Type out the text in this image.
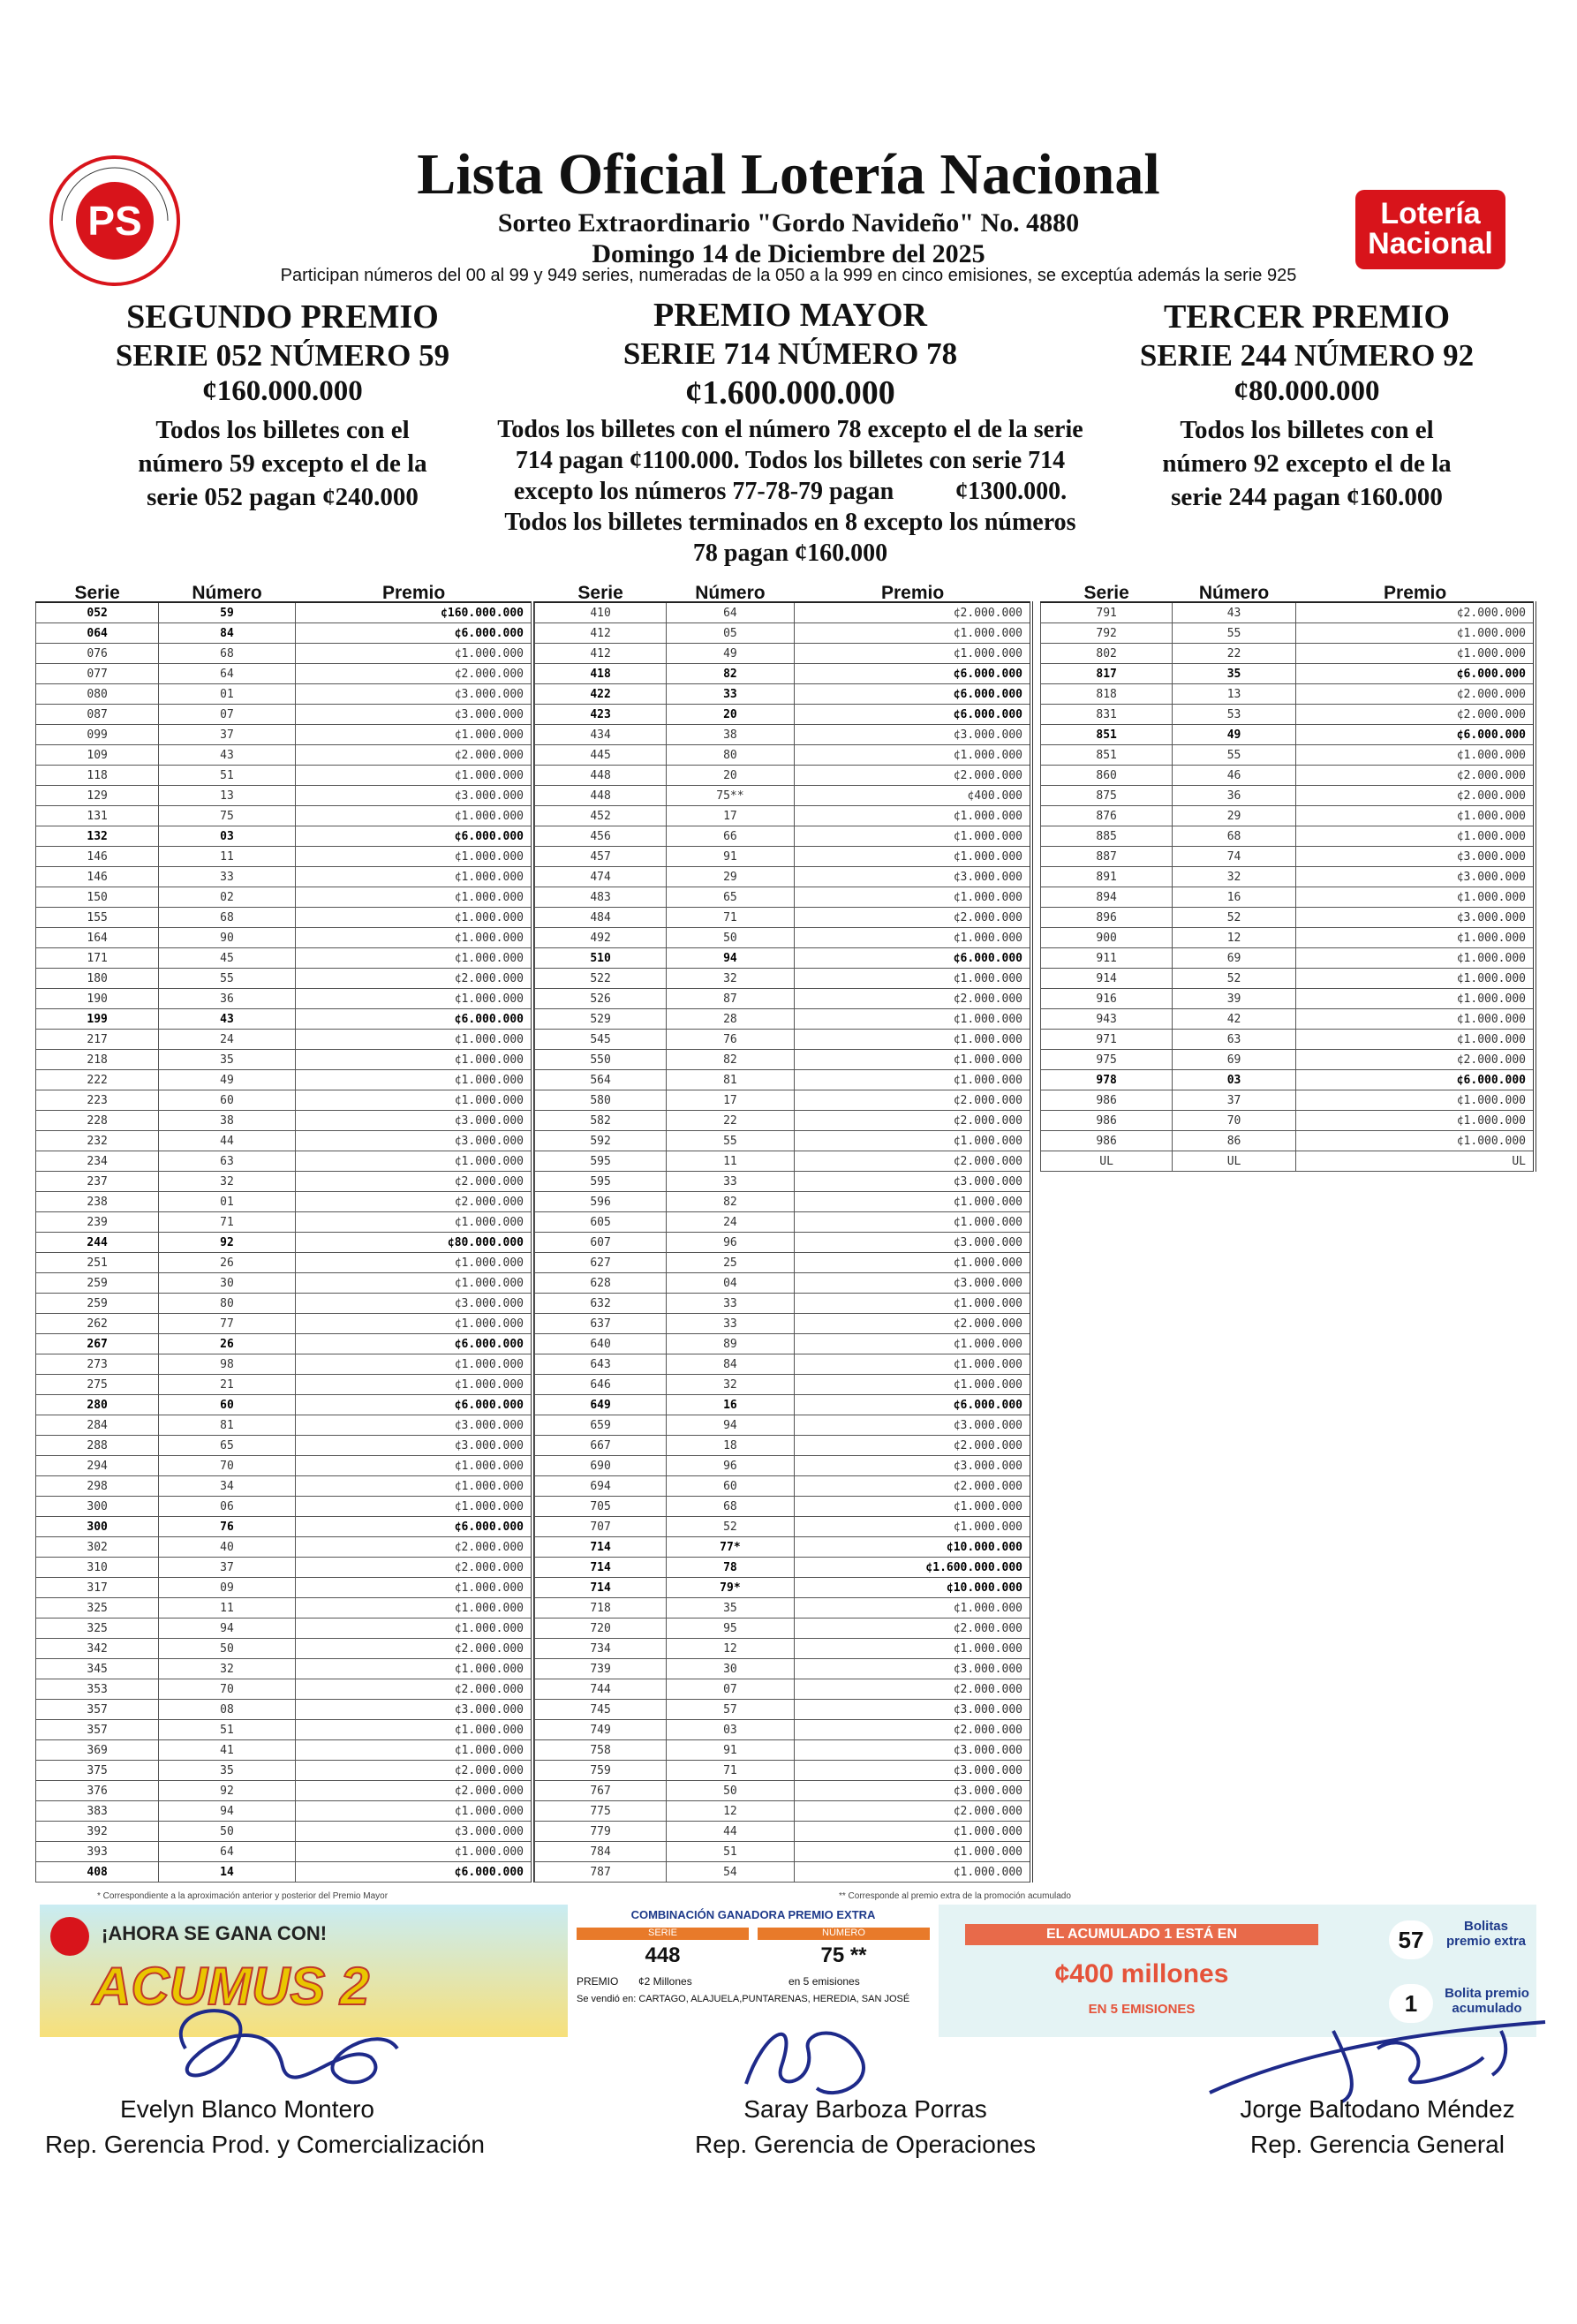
PS
Lista Oficial Lotería Nacional
Sorteo Extraordinario "Gordo Navideño" No. 4880
Domingo 14 de Diciembre del 2025
Participan números del 00 al 99 y 949 series, numeradas de la 050 a la 999 en cinco emisiones, se exceptúa además la serie 925
Lotería
Nacional
SEGUNDO PREMIO
SERIE 052 NÚMERO 59
¢160.000.000
Todos los billetes con el
número 59 excepto el de la
serie 052 pagan ¢240.000
PREMIO MAYOR
SERIE 714 NÚMERO 78
¢1.600.000.000
Todos los billetes con el número 78 excepto el de la serie
714 pagan ¢1100.000. Todos los billetes con serie 714
excepto los números 77-78-79 pagan          ¢1300.000.
Todos los billetes terminados en 8 excepto los números
78 pagan ¢160.000
TERCER PREMIO
SERIE 244 NÚMERO 92
¢80.000.000
Todos los billetes con el
número 92 excepto el de la
serie 244 pagan ¢160.000
Serie	Número	Premio
052	59	¢160.000.000
064	84	¢6.000.000
076	68	¢1.000.000
077	64	¢2.000.000
080	01	¢3.000.000
087	07	¢3.000.000
099	37	¢1.000.000
109	43	¢2.000.000
118	51	¢1.000.000
129	13	¢3.000.000
131	75	¢1.000.000
132	03	¢6.000.000
146	11	¢1.000.000
146	33	¢1.000.000
150	02	¢1.000.000
155	68	¢1.000.000
164	90	¢1.000.000
171	45	¢1.000.000
180	55	¢2.000.000
190	36	¢1.000.000
199	43	¢6.000.000
217	24	¢1.000.000
218	35	¢1.000.000
222	49	¢1.000.000
223	60	¢1.000.000
228	38	¢3.000.000
232	44	¢3.000.000
234	63	¢1.000.000
237	32	¢2.000.000
238	01	¢2.000.000
239	71	¢1.000.000
244	92	¢80.000.000
251	26	¢1.000.000
259	30	¢1.000.000
259	80	¢3.000.000
262	77	¢1.000.000
267	26	¢6.000.000
273	98	¢1.000.000
275	21	¢1.000.000
280	60	¢6.000.000
284	81	¢3.000.000
288	65	¢3.000.000
294	70	¢1.000.000
298	34	¢1.000.000
300	06	¢1.000.000
300	76	¢6.000.000
302	40	¢2.000.000
310	37	¢2.000.000
317	09	¢1.000.000
325	11	¢1.000.000
325	94	¢1.000.000
342	50	¢2.000.000
345	32	¢1.000.000
353	70	¢2.000.000
357	08	¢3.000.000
357	51	¢1.000.000
369	41	¢1.000.000
375	35	¢2.000.000
376	92	¢2.000.000
383	94	¢1.000.000
392	50	¢3.000.000
393	64	¢1.000.000
408	14	¢6.000.000
Serie	Número	Premio
410	64	¢2.000.000
412	05	¢1.000.000
412	49	¢1.000.000
418	82	¢6.000.000
422	33	¢6.000.000
423	20	¢6.000.000
434	38	¢3.000.000
445	80	¢1.000.000
448	20	¢2.000.000
448	75**	¢400.000
452	17	¢1.000.000
456	66	¢1.000.000
457	91	¢1.000.000
474	29	¢3.000.000
483	65	¢1.000.000
484	71	¢2.000.000
492	50	¢1.000.000
510	94	¢6.000.000
522	32	¢1.000.000
526	87	¢2.000.000
529	28	¢1.000.000
545	76	¢1.000.000
550	82	¢1.000.000
564	81	¢1.000.000
580	17	¢2.000.000
582	22	¢2.000.000
592	55	¢1.000.000
595	11	¢2.000.000
595	33	¢3.000.000
596	82	¢1.000.000
605	24	¢1.000.000
607	96	¢3.000.000
627	25	¢1.000.000
628	04	¢3.000.000
632	33	¢1.000.000
637	33	¢2.000.000
640	89	¢1.000.000
643	84	¢1.000.000
646	32	¢1.000.000
649	16	¢6.000.000
659	94	¢3.000.000
667	18	¢2.000.000
690	96	¢3.000.000
694	60	¢2.000.000
705	68	¢1.000.000
707	52	¢1.000.000
714	77*	¢10.000.000
714	78	¢1.600.000.000
714	79*	¢10.000.000
718	35	¢1.000.000
720	95	¢2.000.000
734	12	¢1.000.000
739	30	¢3.000.000
744	07	¢2.000.000
745	57	¢3.000.000
749	03	¢2.000.000
758	91	¢3.000.000
759	71	¢3.000.000
767	50	¢3.000.000
775	12	¢2.000.000
779	44	¢1.000.000
784	51	¢1.000.000
787	54	¢1.000.000
Serie	Número	Premio
791	43	¢2.000.000
792	55	¢1.000.000
802	22	¢1.000.000
817	35	¢6.000.000
818	13	¢2.000.000
831	53	¢2.000.000
851	49	¢6.000.000
851	55	¢1.000.000
860	46	¢2.000.000
875	36	¢2.000.000
876	29	¢1.000.000
885	68	¢1.000.000
887	74	¢3.000.000
891	32	¢3.000.000
894	16	¢1.000.000
896	52	¢3.000.000
900	12	¢1.000.000
911	69	¢1.000.000
914	52	¢1.000.000
916	39	¢1.000.000
943	42	¢1.000.000
971	63	¢1.000.000
975	69	¢2.000.000
978	03	¢6.000.000
986	37	¢1.000.000
986	70	¢1.000.000
986	86	¢1.000.000
UL	UL	UL
* Correspondiente a la aproximación anterior y posterior del Premio Mayor	** Corresponde al premio extra de la promoción acumulado
¡AHORA SE GANA CON!
ACUMUS 2
COMBINACIÓN GANADORA PREMIO EXTRA
SERIE	NÚMERO
448	75 **
PREMIO ¢2 Millones	en 5 emisiones
Se vendió en: CARTAGO, ALAJUELA,PUNTARENAS, HEREDIA, SAN JOSÉ
EL ACUMULADO 1 ESTÁ EN
¢400 millones
EN 5 EMISIONES
57
Bolitas premio extra
1	Bolita premio acumulado
Evelyn Blanco Montero
Rep. Gerencia Prod. y Comercialización
Saray Barboza Porras
Rep. Gerencia de Operaciones
Jorge Baltodano Méndez
Rep. Gerencia General
